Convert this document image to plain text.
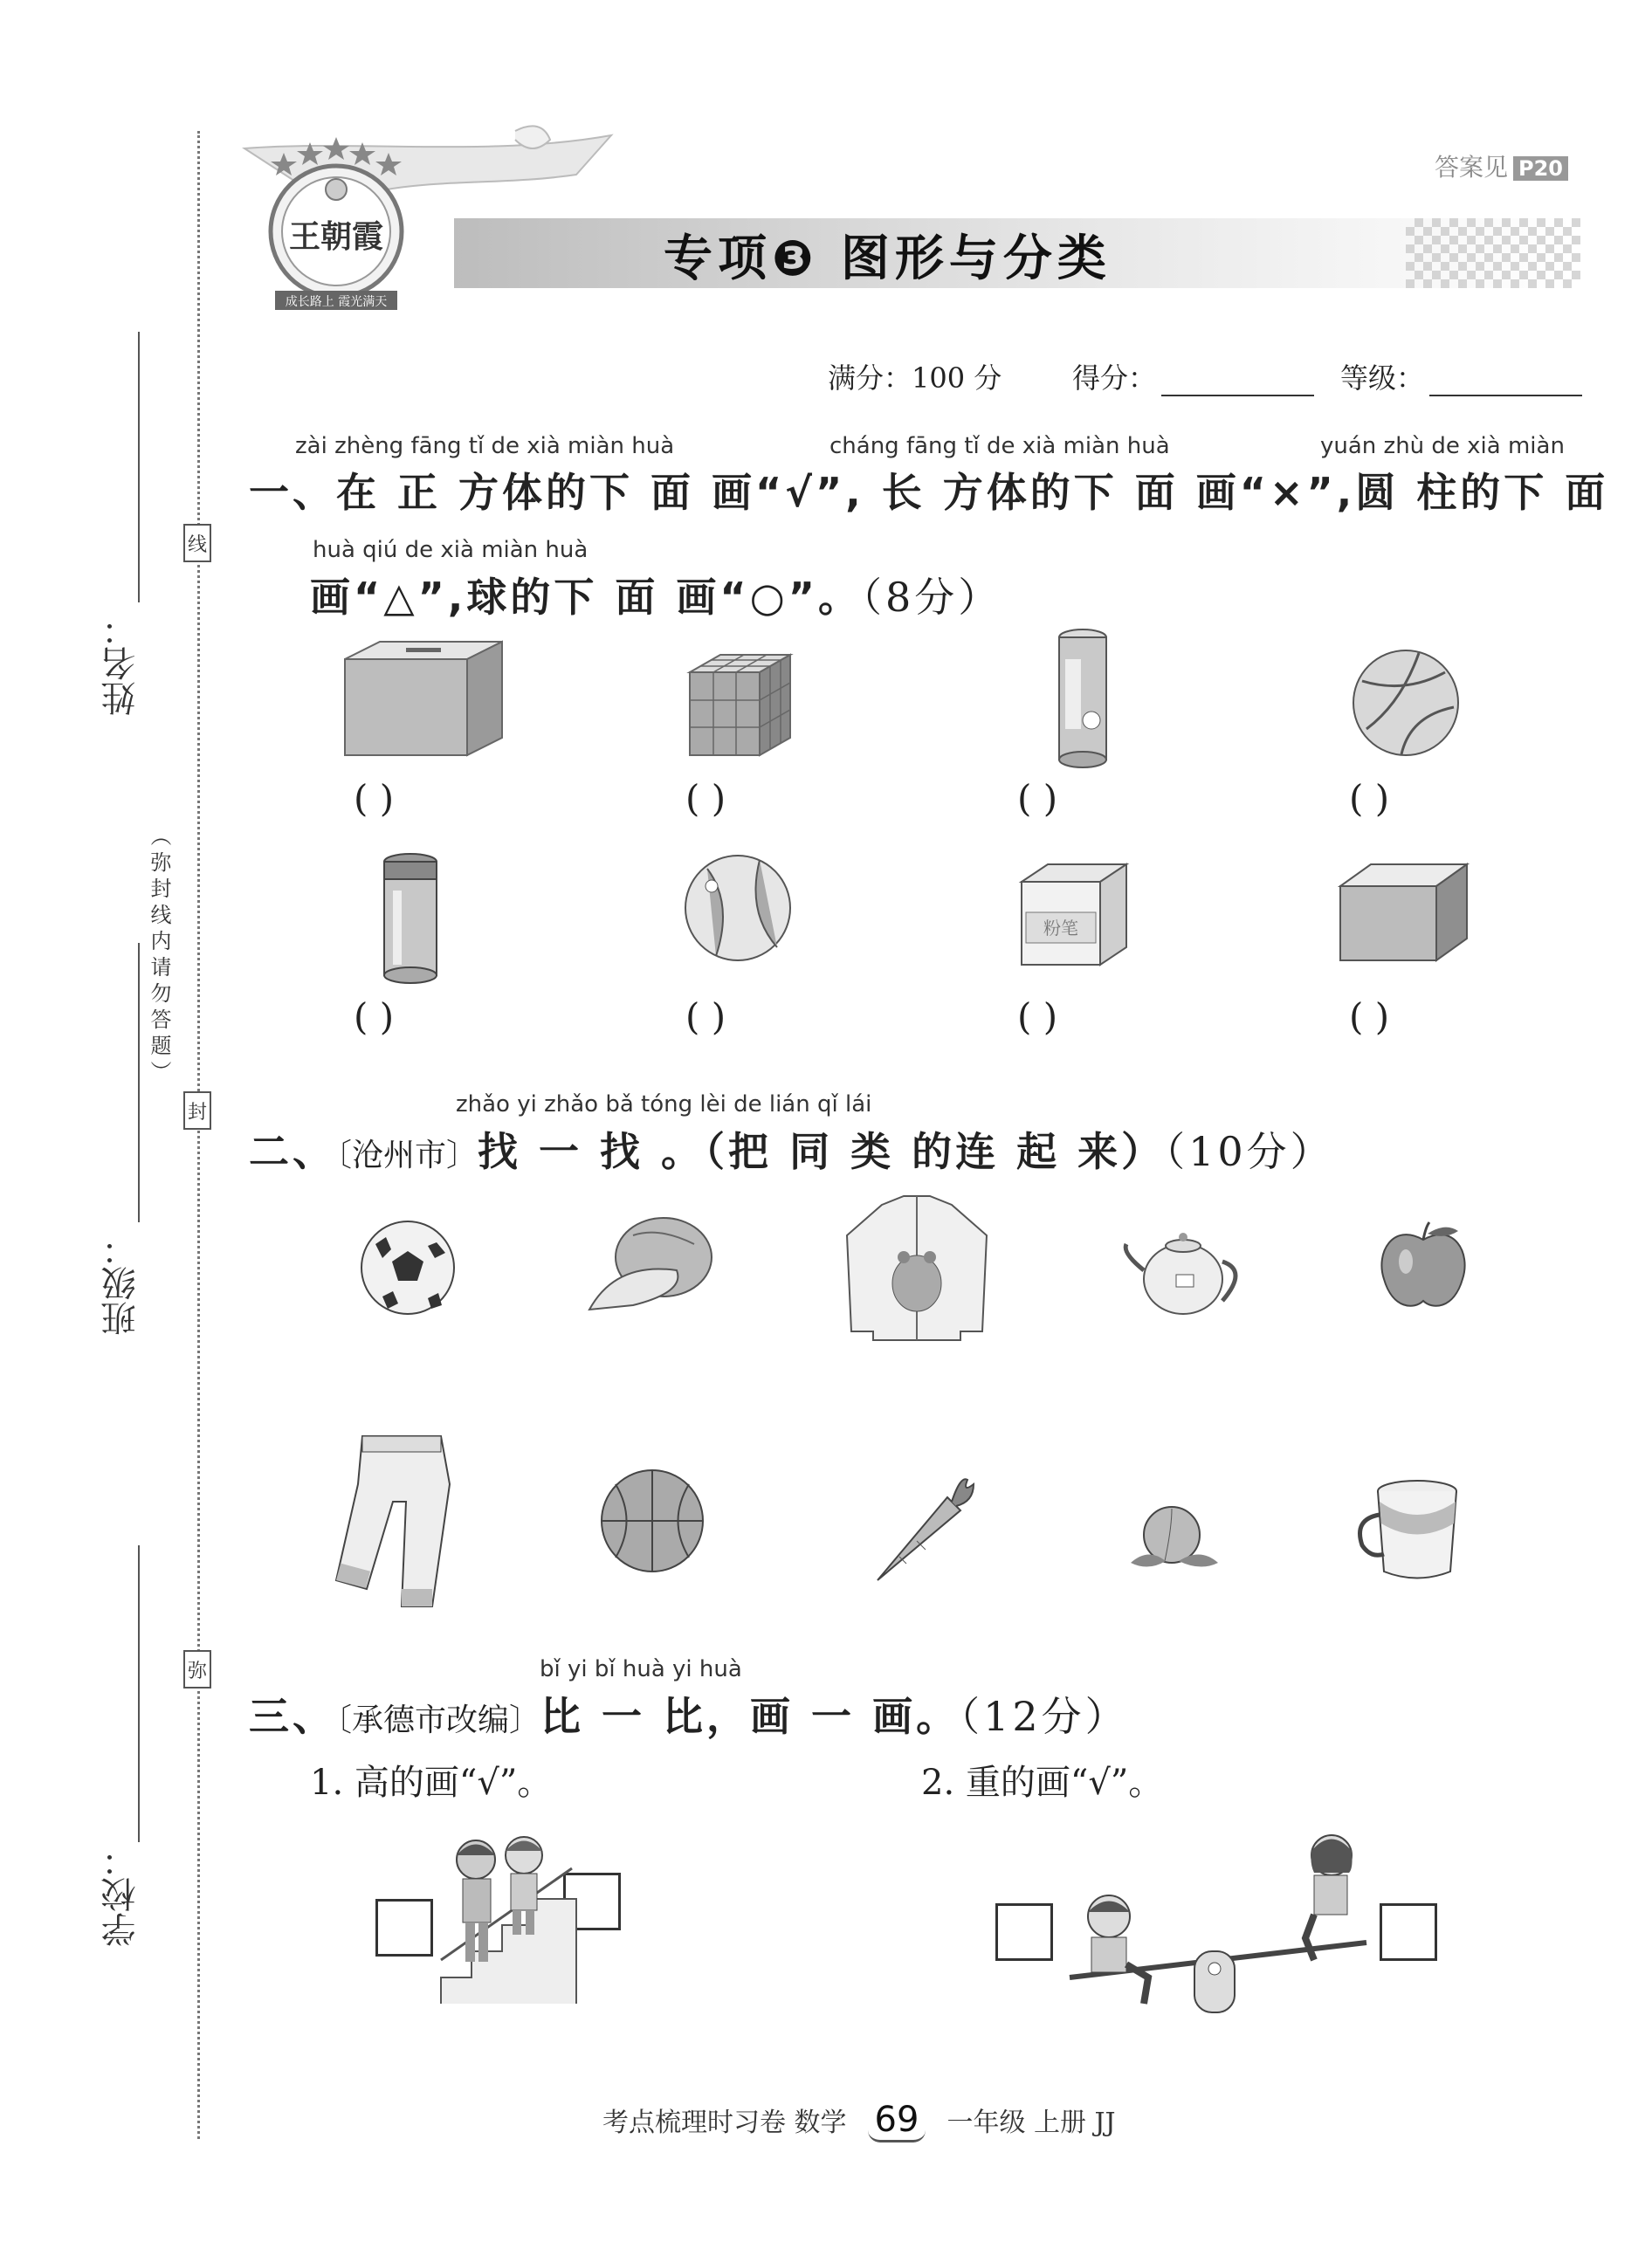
姓名：
班级：
学校：
（弥封线内请勿答题）
线
封
弥
答案见 P20
专项❸ 图形与分类
王朝霞
成长路上 霞光满天
满分：100 分	得分：	等级：
zài zhèng fāng tǐ de xià miàn huà	cháng fāng tǐ de xià miàn huà	yuán zhù de xià miàn
一、在 正 方体的下 面 画“√”, 长 方体的下 面 画“×”,圆 柱的下 面
huà qiú de xià miàn huà
画“△”,球的下 面 画“○”。（8分）
( )	( )	( )	( )
粉笔
( )	( )	( )	( )
zhǎo yi zhǎo bǎ tóng lèi de lián qǐ lái
二、〔沧州市〕找 一 找 。（把 同 类 的连 起 来）（10分）
bǐ yi bǐ huà yi huà
三、〔承德市改编〕比 一 比，画 一 画。（12分）
1. 高的画“√”。	2. 重的画“√”。
考点梳理时习卷 数学 69 一年级 上册 JJ
